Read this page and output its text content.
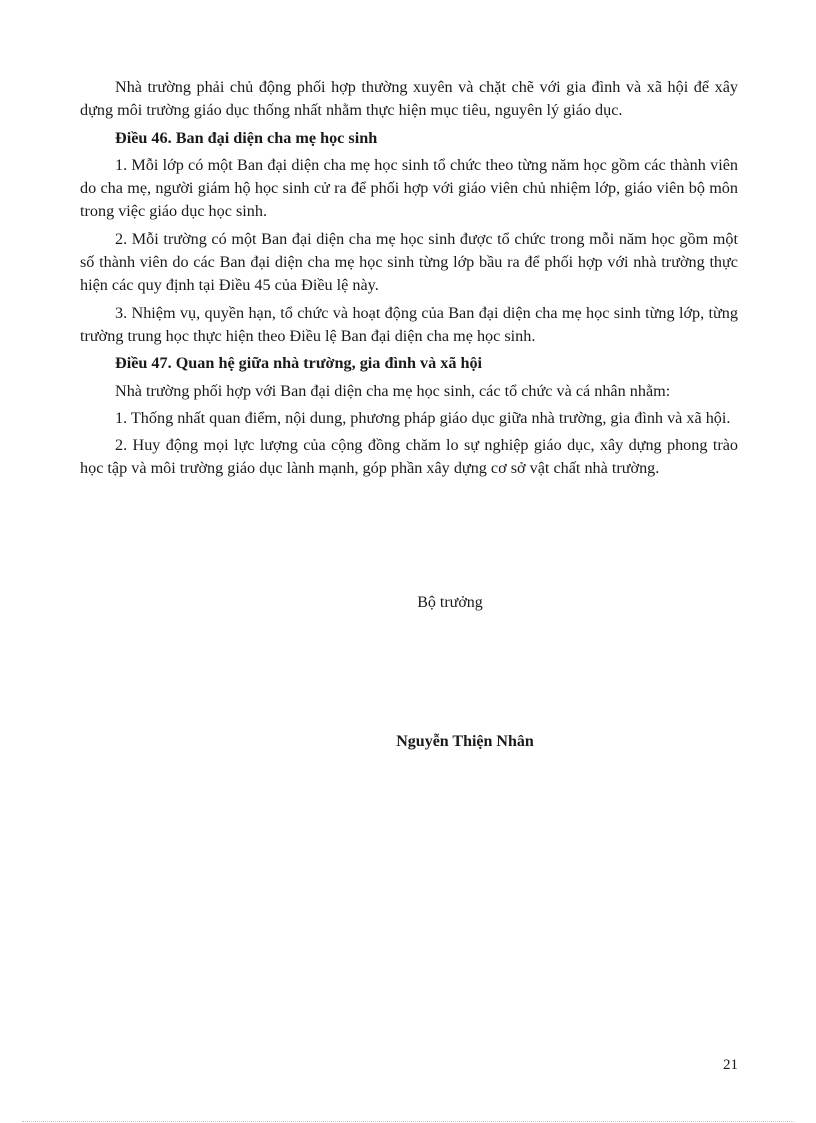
Nhà trường phải chủ động phối hợp thường xuyên và chặt chẽ với gia đình và xã hội để xây dựng môi trường giáo dục thống nhất nhằm thực hiện mục tiêu, nguyên lý giáo dục.

Điều 46. Ban đại diện cha mẹ học sinh

1. Mỗi lớp có một Ban đại diện cha mẹ học sinh tổ chức theo từng năm học gồm các thành viên do cha mẹ, người giám hộ học sinh cử ra để phối hợp với giáo viên chủ nhiệm lớp, giáo viên bộ môn trong việc giáo dục học sinh.

2. Mỗi trường có một Ban đại diện cha mẹ học sinh được tổ chức trong mỗi năm học gồm một số thành viên do các Ban đại diện cha mẹ học sinh từng lớp bầu ra để phối hợp với nhà trường thực hiện các quy định tại Điều 45 của Điều lệ này.

3. Nhiệm vụ, quyền hạn, tổ chức và hoạt động của Ban đại diện cha mẹ học sinh từng lớp, từng trường trung học thực hiện theo Điều lệ Ban đại diện cha mẹ học sinh.

Điều 47. Quan hệ giữa nhà trường, gia đình và xã hội

Nhà trường phối hợp với Ban đại diện cha mẹ học sinh, các tổ chức và cá nhân nhằm:

1. Thống nhất quan điểm, nội dung, phương pháp giáo dục giữa nhà trường, gia đình và xã hội.

2. Huy động mọi lực lượng của cộng đồng chăm lo sự nghiệp giáo dục, xây dựng phong trào học tập và môi trường giáo dục lành mạnh, góp phần xây dựng cơ sở vật chất nhà trường.

Bộ trưởng
Nguyễn Thiện Nhân
21
